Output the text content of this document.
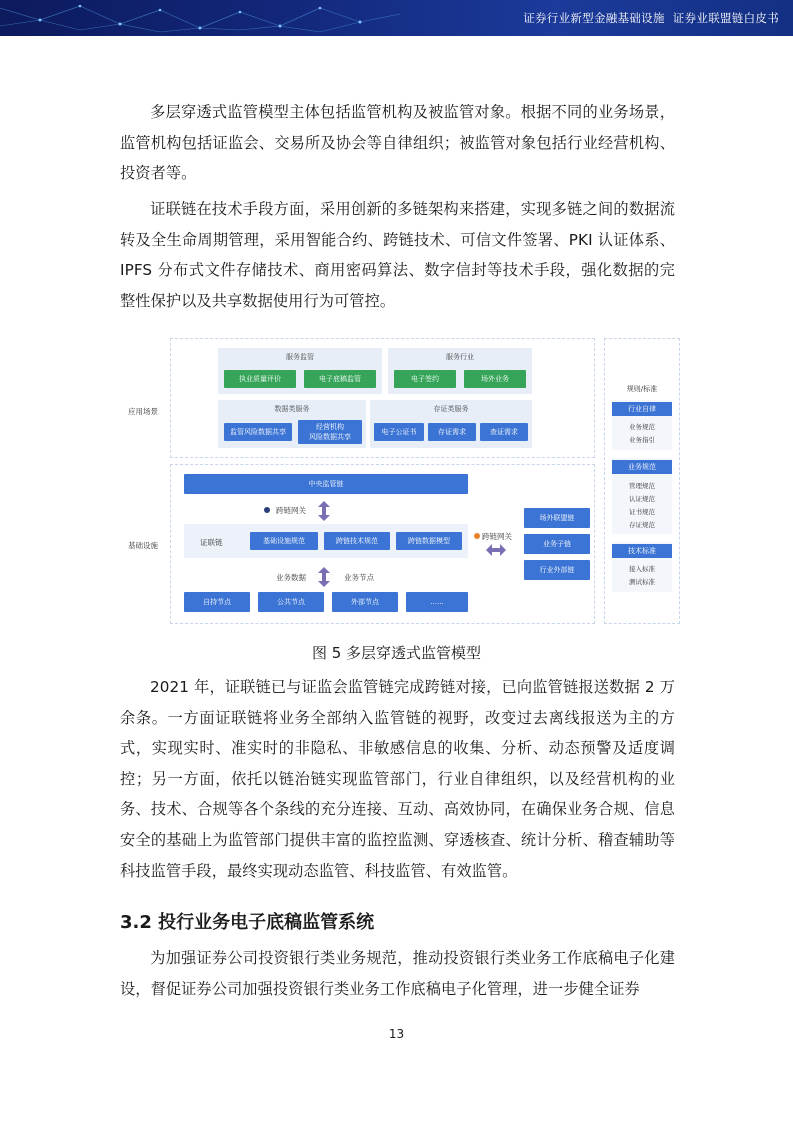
证券行业新型金融基础设施 证券业联盟链白皮书
多层穿透式监管模型主体包括监管机构及被监管对象。根据不同的业务场景，监管机构包括证监会、交易所及协会等自律组织；被监管对象包括行业经营机构、投资者等。
证联链在技术手段方面，采用创新的多链架构来搭建，实现多链之间的数据流转及全生命周期管理，采用智能合约、跨链技术、可信文件签署、PKI 认证体系、IPFS 分布式文件存储技术、商用密码算法、数字信封等技术手段，强化数据的完整性保护以及共享数据使用行为可管控。
应用场景
基础设施
服务监管
执业质量评价	电子底稿监管
服务行业
电子签约	场外业务
数据类服务
监管风险数据共享
经营机构
风险数据共享
存证类服务
电子公证书	存证需求	查证需求
中央监管链
跨链网关
证联链	基础设施规范	跨链技术规范	跨链数据模型	跨链网关
场外联盟链
业务子链
行业外部链
业务数据	业务节点
自持节点	公共节点	外部节点	......
规则/标准
行业自律
业务规范
业务指引
业务规范
管理规范
认证规范
证书规范
存证规范
技术标准
接入标准
测试标准
图 5 多层穿透式监管模型
2021 年，证联链已与证监会监管链完成跨链对接，已向监管链报送数据 2 万余条。一方面证联链将业务全部纳入监管链的视野，改变过去离线报送为主的方式，实现实时、准实时的非隐私、非敏感信息的收集、分析、动态预警及适度调控；另一方面，依托以链治链实现监管部门，行业自律组织，以及经营机构的业务、技术、合规等各个条线的充分连接、互动、高效协同，在确保业务合规、信息安全的基础上为监管部门提供丰富的监控监测、穿透核查、统计分析、稽查辅助等科技监管手段，最终实现动态监管、科技监管、有效监管。
3.2 投行业务电子底稿监管系统
为加强证券公司投资银行类业务规范，推动投资银行类业务工作底稿电子化建设，督促证券公司加强投资银行类业务工作底稿电子化管理，进一步健全证券
13
